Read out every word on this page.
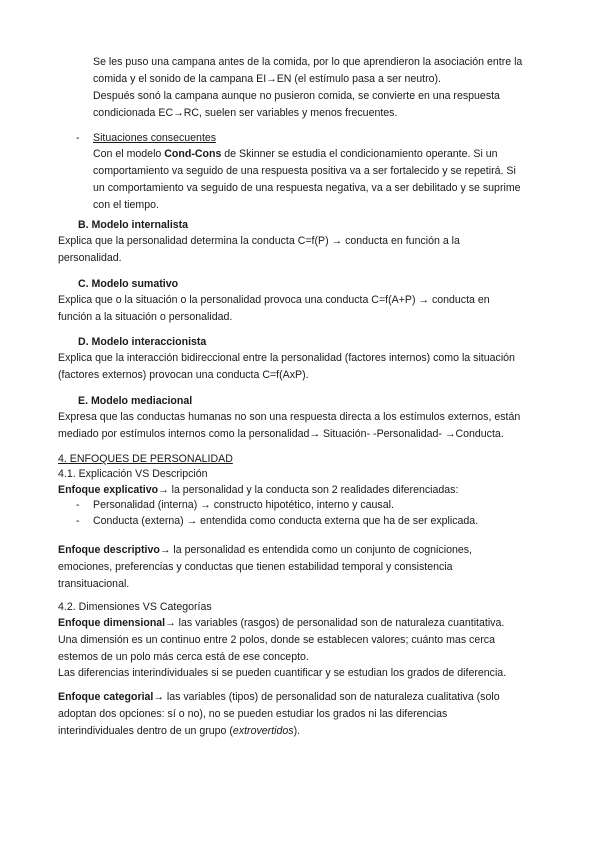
Se les puso una campana antes de la comida, por lo que aprendieron la asociación entre la
comida y el sonido de la campana EI→EN (el estímulo pasa a ser neutro).
Después sonó la campana aunque no pusieron comida, se convierte en una respuesta
condicionada EC→RC, suelen ser variables y menos frecuentes.
- Situaciones consecuentes
Con el modelo Cond-Cons de Skinner se estudia el condicionamiento operante. Si un
comportamiento va seguido de una respuesta positiva va a ser fortalecido y se repetirá. Si
un comportamiento va seguido de una respuesta negativa, va a ser debilitado y se suprime
con el tiempo.
B. Modelo internalista
Explica que la personalidad determina la conducta C=f(P) → conducta en función a la
personalidad.
C. Modelo sumativo
Explica que o la situación o la personalidad provoca una conducta C=f(A+P) → conducta en
función a la situación o personalidad.
D. Modelo interaccionista
Explica que la interacción bidireccional entre la personalidad (factores internos) como la situación
(factores externos) provocan una conducta C=f(AxP).
E. Modelo mediacional
Expresa que las conductas humanas no son una respuesta directa a los estímulos externos, están
mediado por estímulos internos como la personalidad→ Situación- -Personalidad- →Conducta.
4. ENFOQUES DE PERSONALIDAD
4.1. Explicación VS Descripción
Enfoque explicativo→ la personalidad y la conducta son 2 realidades diferenciadas:
- Personalidad (interna) → constructo hipotético, interno y causal.
- Conducta (externa) → entendida como conducta externa que ha de ser explicada.
Enfoque descriptivo→ la personalidad es entendida como un conjunto de cogniciones,
emociones, preferencias y conductas que tienen estabilidad temporal y consistencia
transituacional.
4.2. Dimensiones VS Categorías
Enfoque dimensional→ las variables (rasgos) de personalidad son de naturaleza cuantitativa.
Una dimensión es un continuo entre 2 polos, donde se establecen valores; cuánto mas cerca
estemos de un polo más cerca está de ese concepto.
Las diferencias interindividuales si se pueden cuantificar y se estudian los grados de diferencia.
Enfoque categorial→ las variables (tipos) de personalidad son de naturaleza cualitativa (solo
adoptan dos opciones: sí o no), no se pueden estudiar los grados ni las diferencias
interindividuales dentro de un grupo (extrovertidos).
